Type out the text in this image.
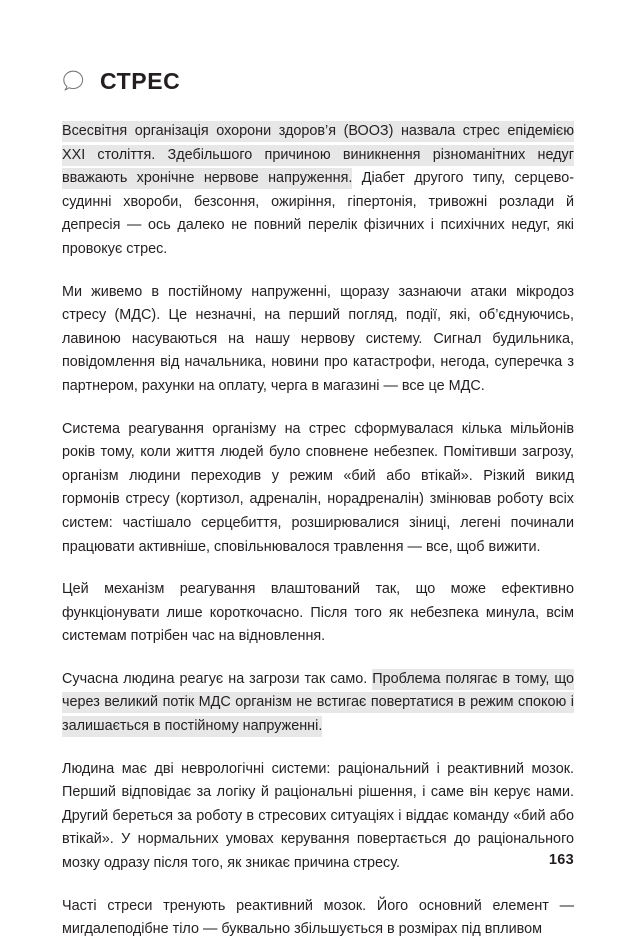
СТРЕС

Всесвітня організація охорони здоров’я (ВООЗ) назвала стрес епідемією XXI століття. Здебільшого причиною виникнення різноманітних недуг вважають хронічне нервове напруження. Діабет другого типу, серцево-судинні хвороби, безсоння, ожиріння, гіпертонія, тривожні розлади й депресія — ось далеко не повний перелік фізичних і психічних недуг, які провокує стрес.

Ми живемо в постійному напруженні, щоразу зазнаючи атаки мікродоз стресу (МДС). Це незначні, на перший погляд, події, які, об’єднуючись, лавиною насуваються на нашу нервову систему. Сигнал будильника, повідомлення від начальника, новини про катастрофи, негода, суперечка з партнером, рахунки на оплату, черга в магазині — все це МДС.

Система реагування організму на стрес сформувалася кілька мільйонів років тому, коли життя людей було сповнене небезпек. Помітивши загрозу, організм людини переходив у режим «бий або втікай». Різкий викид гормонів стресу (кортизол, адреналін, норадреналін) змінював роботу всіх систем: частішало серцебиття, розширювалися зіниці, легені починали працювати активніше, сповільнювалося травлення — все, щоб вижити.

Цей механізм реагування влаштований так, що може ефективно функціонувати лише короткочасно. Після того як небезпека минула, всім системам потрібен час на відновлення.

Сучасна людина реагує на загрози так само. Проблема полягає в тому, що через великий потік МДС організм не встигає повертатися в режим спокою і залишається в постійному напруженні.

Людина має дві неврологічні системи: раціональний і реактивний мозок. Перший відповідає за логіку й раціональні рішення, і саме він керує нами. Другий береться за роботу в стресових ситуаціях і віддає команду «бий або втікай». У нормальних умовах керування повертається до раціонального мозку одразу після того, як зникає причина стресу.

Часті стреси тренують реактивний мозок. Його основний елемент — мигдалеподібне тіло — буквально збільшується в розмірах під впливом

163
